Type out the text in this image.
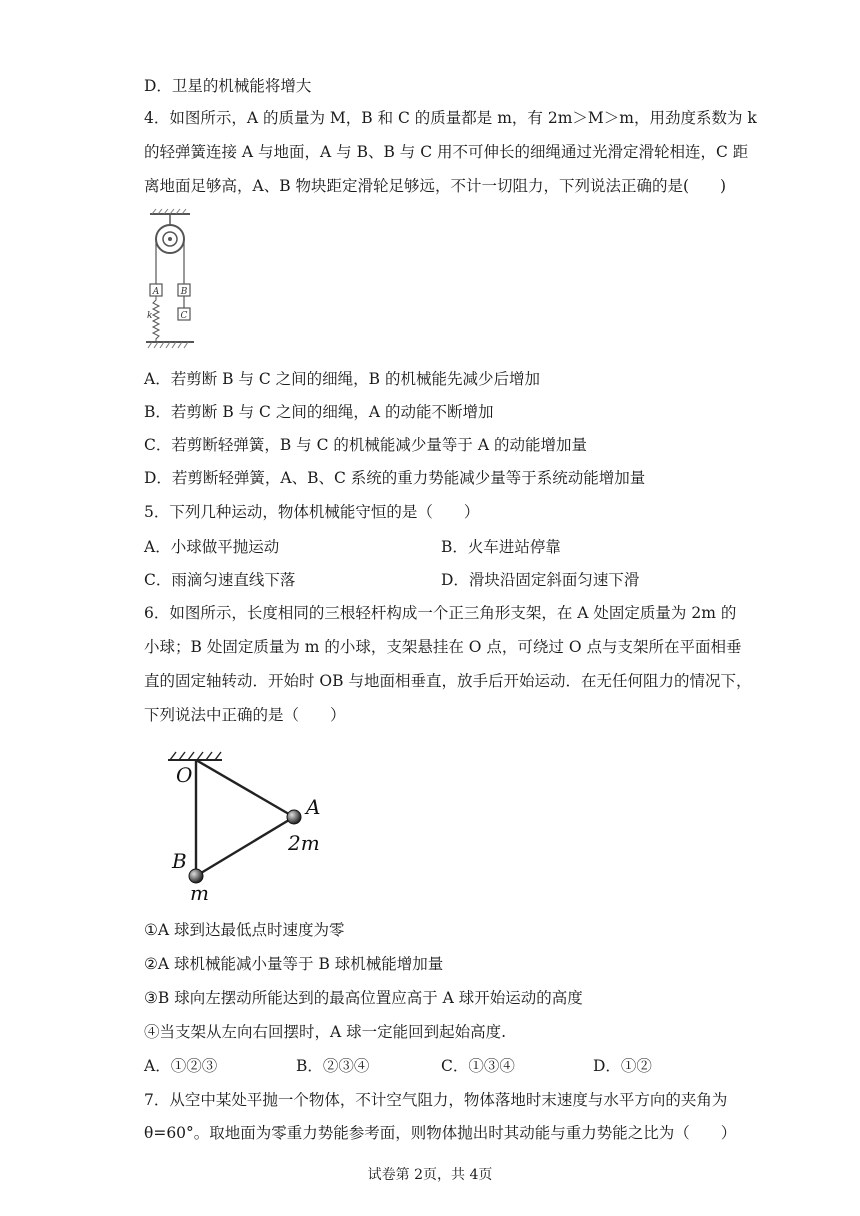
D．卫星的机械能将增大
4．如图所示，A 的质量为 M，B 和 C 的质量都是 m，有 2m＞M＞m，用劲度系数为 k
的轻弹簧连接 A 与地面，A 与 B、B 与 C 用不可伸长的细绳通过光滑定滑轮相连，C 距
离地面足够高，A、B 物块距定滑轮足够远，不计一切阻力，下列说法正确的是(　　)
A B
C
k
A．若剪断 B 与 C 之间的细绳，B 的机械能先减少后增加
B．若剪断 B 与 C 之间的细绳，A 的动能不断增加
C．若剪断轻弹簧，B 与 C 的机械能减少量等于 A 的动能增加量
D．若剪断轻弹簧，A、B、C 系统的重力势能减少量等于系统动能增加量
5．下列几种运动，物体机械能守恒的是（　　）
A．小球做平抛运动	B．火车进站停靠
C．雨滴匀速直线下落	D．滑块沿固定斜面匀速下滑
6．如图所示，长度相同的三根轻杆构成一个正三角形支架，在 A 处固定质量为 2m 的
小球；B 处固定质量为 m 的小球，支架悬挂在 O 点，可绕过 O 点与支架所在平面相垂
直的固定轴转动．开始时 OB 与地面相垂直，放手后开始运动．在无任何阻力的情况下，
下列说法中正确的是（　　）
O
A
2m
B
m
①A 球到达最低点时速度为零
②A 球机械能减小量等于 B 球机械能增加量
③B 球向左摆动所能达到的最高位置应高于 A 球开始运动的高度
④当支架从左向右回摆时，A 球一定能回到起始高度.
A．①②③	B．②③④	C．①③④	D．①②
7．从空中某处平抛一个物体，不计空气阻力，物体落地时末速度与水平方向的夹角为
θ=60°。取地面为零重力势能参考面，则物体抛出时其动能与重力势能之比为（　　）
试卷第 2页，共 4页
